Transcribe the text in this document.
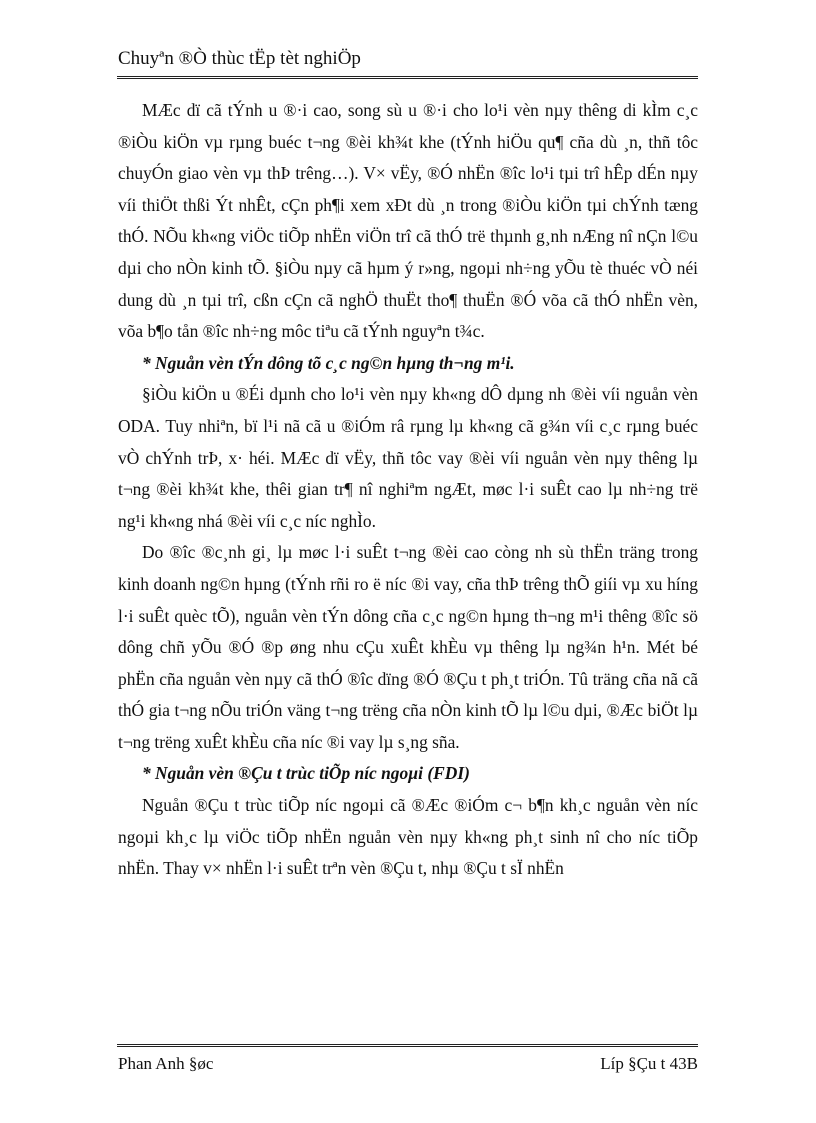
Chuyªn ®Ò thùc tËp tèt nghiÖp

MÆc dï cã tÝnh u ®·i cao, song sù u ®·i cho lo¹i vèn nµy thêng di kÌm c¸c ®iÒu kiÖn vµ rµng buéc t¬ng ®èi kh¾t khe (tÝnh hiÖu qu¶ cña dù ¸n, thñ tôc chuyÓn giao vèn vµ thÞ trêng…). V× vËy, ®Ó nhËn ®îc lo¹i tµi trî hÊp dÉn nµy víi thiÖt thßi Ýt nhÊt, cÇn ph¶i xem xÐt dù ¸n trong ®iÒu kiÖn tµi chÝnh tæng thÓ. NÕu kh«ng viÖc tiÕp nhËn viÖn trî cã thÓ trë thµnh g¸nh nÆng nî nÇn l©u dµi cho nÒn kinh tÕ. §iÒu nµy cã hµm ý r»ng, ngoµi nh÷ng yÕu tè thuéc vÒ néi dung dù ¸n tµi trî, cßn cÇn cã nghÖ thuËt tho¶ thuËn ®Ó võa cã thÓ nhËn vèn, võa b¶o tån ®îc nh÷ng môc tiªu cã tÝnh nguyªn t¾c.

* Nguån vèn tÝn dông tõ c¸c ng©n hµng th¬ng m¹i.

§iÒu kiÖn u ®Éi dµnh cho lo¹i vèn nµy kh«ng dÔ dµng nh ®èi víi nguån vèn ODA. Tuy nhiªn, bï l¹i nã cã u ®iÓm râ rµng lµ kh«ng cã g¾n víi c¸c rµng buéc vÒ chÝnh trÞ, x· héi. MÆc dï vËy, thñ tôc vay ®èi víi nguån vèn nµy thêng lµ t¬ng ®èi kh¾t khe, thêi gian tr¶ nî nghiªm ngÆt, møc l·i suÊt cao lµ nh÷ng trë ng¹i kh«ng nhá ®èi víi c¸c níc nghÌo.

Do ®îc ®c¸nh gi¸ lµ møc l·i suÊt t¬ng ®èi cao còng nh sù thËn träng trong kinh doanh ng©n hµng (tÝnh rñi ro ë níc ®i vay, cña thÞ trêng thÕ giíi vµ xu híng l·i suÊt quèc tÕ), nguån vèn tÝn dông cña c¸c ng©n hµng th¬ng m¹i thêng ®îc sö dông chñ yÕu ®Ó ®p øng nhu cÇu xuÊt khÈu vµ thêng lµ ng¾n h¹n. Mét bé phËn cña nguån vèn nµy cã thÓ ®îc dïng ®Ó ®Çu t ph¸t triÓn. Tû träng cña nã cã thÓ gia t¬ng nÕu triÓn väng t¬ng trëng cña nÒn kinh tÕ lµ l©u dµi, ®Æc biÖt lµ t¬ng trëng xuÊt khÈu cña níc ®i vay lµ s¸ng sña.

* Nguån vèn ®Çu t trùc tiÕp níc ngoµi (FDI)

Nguån ®Çu t trùc tiÕp níc ngoµi cã ®Æc ®iÓm c¬ b¶n kh¸c nguån vèn níc ngoµi kh¸c lµ viÖc tiÕp nhËn nguån vèn nµy kh«ng ph¸t sinh nî cho níc tiÕp nhËn. Thay v× nhËn l·i suÊt trªn vèn ®Çu t, nhµ ®Çu t sÏ nhËn

Phan Anh §øc	Líp §Çu t 43B
